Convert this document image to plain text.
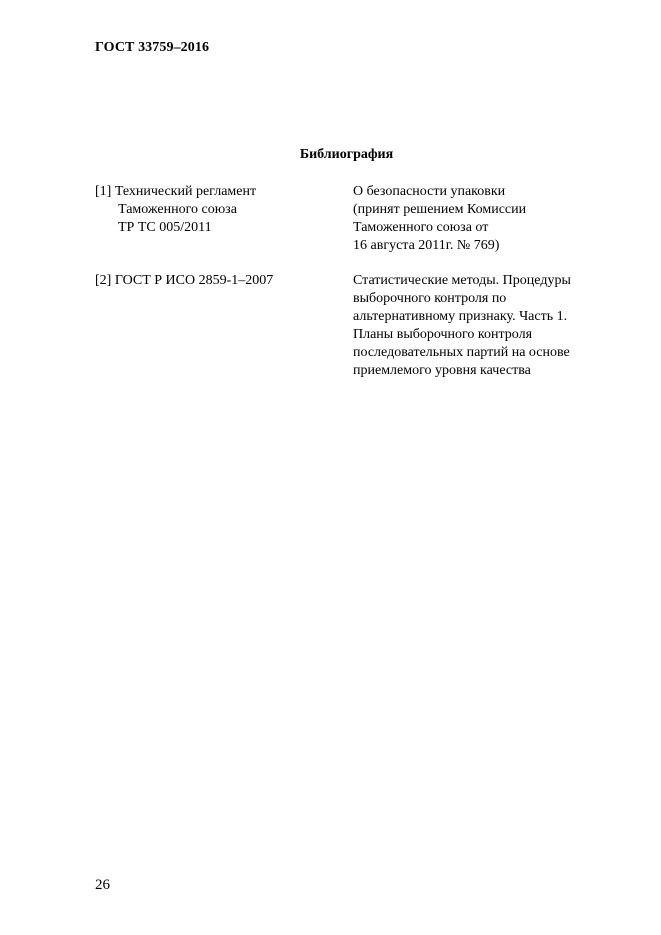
ГОСТ 33759–2016
Библиография
[1] Технический регламент
Таможенного союза
ТР ТС 005/2011
О безопасности упаковки
(принят решением Комиссии
Таможенного союза от
16 августа 2011г. № 769)
[2] ГОСТ Р ИСО 2859-1–2007	Статистические методы. Процедуры
выборочного контроля по
альтернативному признаку. Часть 1.
Планы выборочного контроля
последовательных партий на основе
приемлемого уровня качества
26
